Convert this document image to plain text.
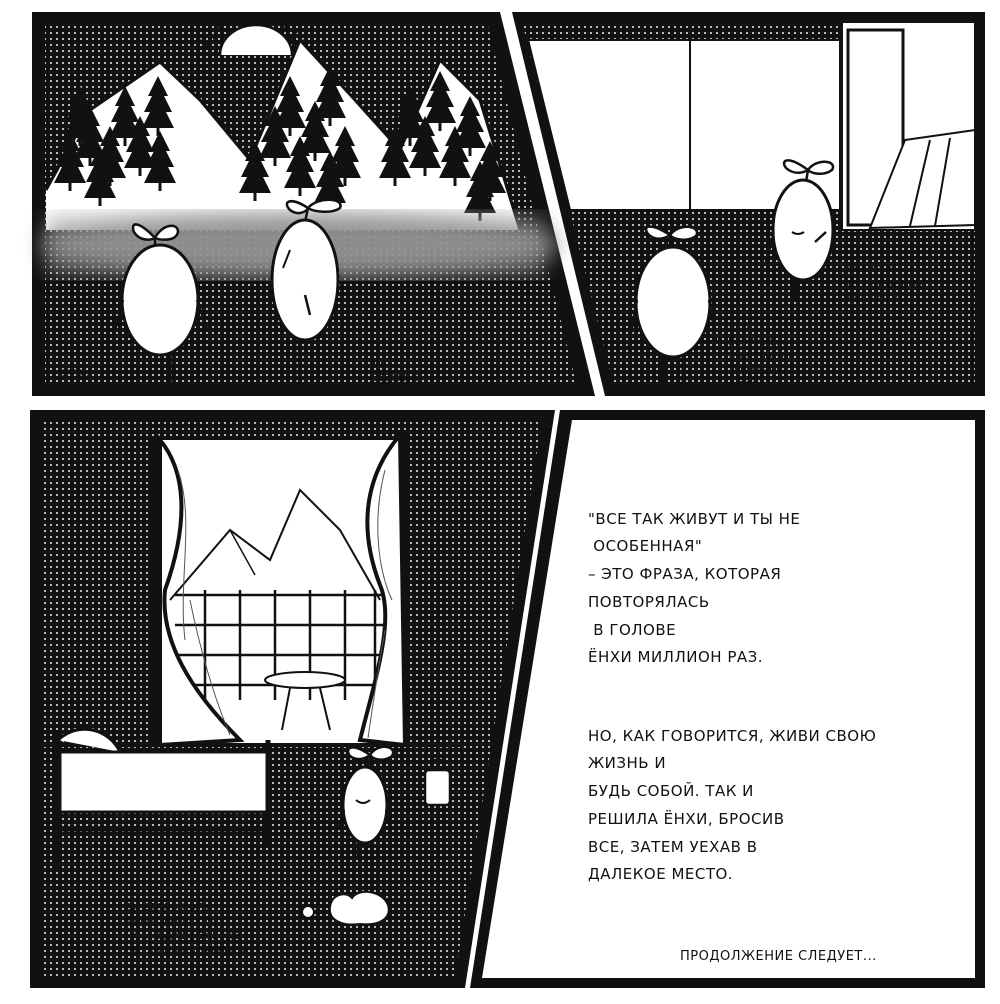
ЭТО...
КРАСИВО!

ДА...
БЕЗУМНО
КРАСИВО

ДА БРОСЬ...
ОБЫЧНЫЙ ДОМ
НА БЕРЕГУ!

ЭТО
БЕЗУМИЕ...
ДАЖЕ ЕСЛИ
ТЫ МАНЬЯК,
Я РАДА!

ЕЙ СТАЛО ХОТЬ
НЕМНОГО ЛЕГЧЕ.
НО... В ДУШЕ ВСЕ ЖЕ
ОСТАВАЛАСЬ ТРЕВОГА.

"ВСЕ ТАК ЖИВУТ И ТЫ НЕ
ОСОБЕННАЯ"
– ЭТО ФРАЗА, КОТОРАЯ
ПОВТОРЯЛАСЬ
В ГОЛОВЕ
ЁНХИ МИЛЛИОН РАЗ.

НО, КАК ГОВОРИТСЯ, ЖИВИ СВОЮ
ЖИЗНЬ И
БУДЬ СОБОЙ. ТАК И
РЕШИЛА ЁНХИ, БРОСИВ
ВСЕ, ЗАТЕМ УЕХАВ В
ДАЛЕКОЕ МЕСТО.

ПРОДОЛЖЕНИЕ СЛЕДУЕТ...
